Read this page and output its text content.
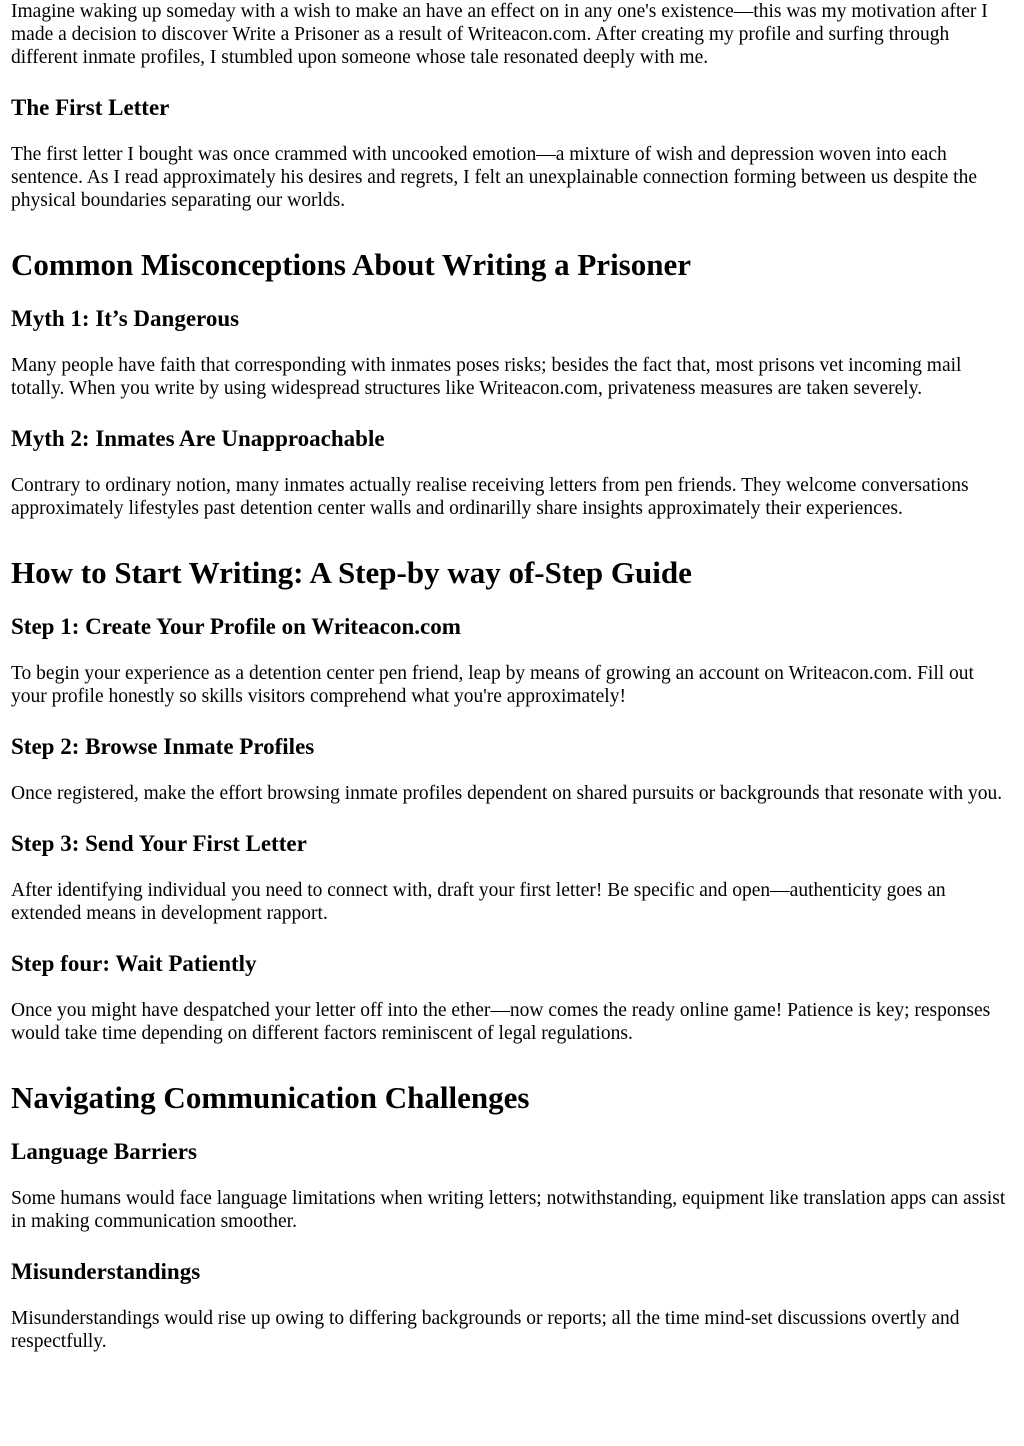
Imagine waking up someday with a wish to make an have an effect on in any one's existence—this was my motivation after I made a decision to discover Write a Prisoner as a result of Writeacon.com. After creating my profile and surfing through different inmate profiles, I stumbled upon someone whose tale resonated deeply with me.

The First Letter

The first letter I bought was once crammed with uncooked emotion—a mixture of wish and depression woven into each sentence. As I read approximately his desires and regrets, I felt an unexplainable connection forming between us despite the physical boundaries separating our worlds.

Common Misconceptions About Writing a Prisoner
Myth 1: It’s Dangerous

Many people have faith that corresponding with inmates poses risks; besides the fact that, most prisons vet incoming mail totally. When you write by using widespread structures like Writeacon.com, privateness measures are taken severely.

Myth 2: Inmates Are Unapproachable

Contrary to ordinary notion, many inmates actually realise receiving letters from pen friends. They welcome conversations approximately lifestyles past detention center walls and ordinarilly share insights approximately their experiences.

How to Start Writing: A Step-by way of-Step Guide
Step 1: Create Your Profile on Writeacon.com

To begin your experience as a detention center pen friend, leap by means of growing an account on Writeacon.com. Fill out your profile honestly so skills visitors comprehend what you're approximately!

Step 2: Browse Inmate Profiles

Once registered, make the effort browsing inmate profiles dependent on shared pursuits or backgrounds that resonate with you.

Step 3: Send Your First Letter

After identifying individual you need to connect with, draft your first letter! Be specific and open—authenticity goes an extended means in development rapport.

Step four: Wait Patiently

Once you might have despatched your letter off into the ether—now comes the ready online game! Patience is key; responses would take time depending on different factors reminiscent of legal regulations.

Navigating Communication Challenges
Language Barriers

Some humans would face language limitations when writing letters; notwithstanding, equipment like translation apps can assist in making communication smoother.

Misunderstandings

Misunderstandings would rise up owing to differing backgrounds or reports; all the time mind-set discussions overtly and respectfully.
